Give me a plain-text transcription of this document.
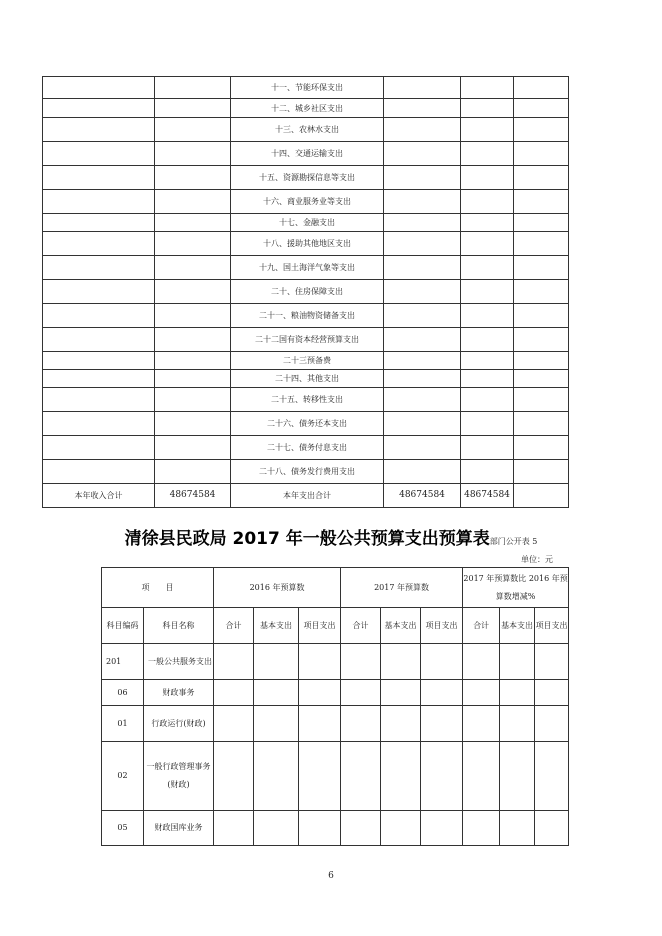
		十一、节能环保支出			
		十二、城乡社区支出			
		十三、农林水支出			
		十四、交通运输支出			
		十五、资源勘探信息等支出			
		十六、商业服务业等支出			
		十七、金融支出			
		十八、援助其他地区支出			
		十九、国土海洋气象等支出			
		二十、住房保障支出			
		二十一、粮油物资储备支出			
		二十二国有资本经营预算支出			
		二十三预备费			
		二十四、其他支出			
		二十五、转移性支出			
		二十六、债务还本支出			
		二十七、债务付息支出			
		二十八、债务发行费用支出			
本年收入合计	48674584	本年支出合计	48674584	48674584	
清徐县民政局 2017 年一般公共预算支出预算表部门公开表 5
单位：元
项　　目		2016 年预算数			2017 年预算数			2017 年预算数比 2016 年预算数增减%		
科目编码	科目名称	合计	基本支出	项目支出	合计	基本支出	项目支出	合计	基本支出	项目支出
201	一般公共服务支出									
06	财政事务									
01	行政运行(财政)									
02	一般行政管理事务(财政)									
05	财政国库业务									
6
